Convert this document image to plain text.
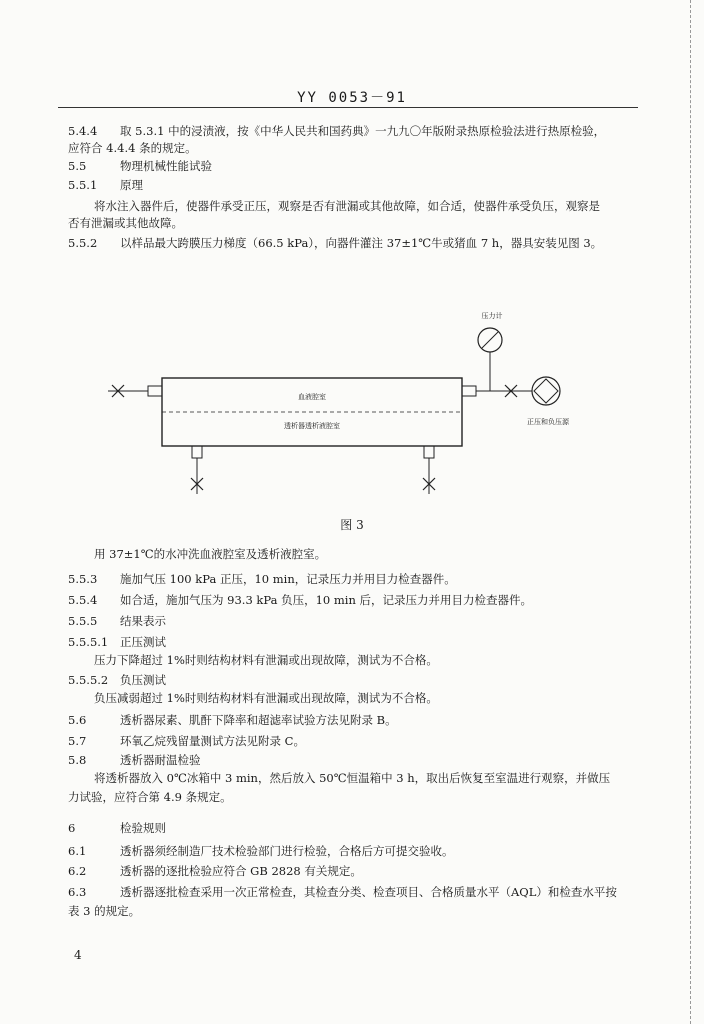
YY 0053－91
5.4.4 取 5.3.1 中的浸渍液，按《中华人民共和国药典》一九九〇年版附录热原检验法进行热原检验，
应符合 4.4.4 条的规定。
5.5	物理机械性能试验
5.5.1 原理
将水注入器件后，使器件承受正压，观察是否有泄漏或其他故障，如合适，使器件承受负压，观察是
否有泄漏或其他故障。
5.5.2 以样品最大跨膜压力梯度（66.5 kPa），向器件灌注 37±1℃牛或猪血 7 h，器具安装见图 3。
用 37±1℃的水冲洗血液腔室及透析液腔室。
5.5.3 施加气压 100 kPa 正压，10 min，记录压力并用目力检查器件。
5.5.4 如合适，施加气压为 93.3 kPa 负压，10 min 后，记录压力并用目力检查器件。
5.5.5 结果表示
5.5.5.1 正压测试
压力下降超过 1%时则结构材料有泄漏或出现故障，测试为不合格。
5.5.5.2 负压测试
负压减弱超过 1%时则结构材料有泄漏或出现故障，测试为不合格。
5.6	透析器尿素、肌酐下降率和超滤率试验方法见附录 B。
5.7	环氧乙烷残留量测试方法见附录 C。
5.8	透析器耐温检验
将透析器放入 0℃冰箱中 3 min，然后放入 50℃恒温箱中 3 h，取出后恢复至室温进行观察，并做压
力试验，应符合第 4.9 条规定。
6	检验规则
6.1	透析器须经制造厂技术检验部门进行检验，合格后方可提交验收。
6.2	透析器的逐批检验应符合 GB 2828 有关规定。
6.3	透析器逐批检查采用一次正常检查，其检查分类、检查项目、合格质量水平（AQL）和检查水平按
表 3 的规定。
血液腔室
透析器透析液腔室
压力计
正压和负压源
图 3
4
